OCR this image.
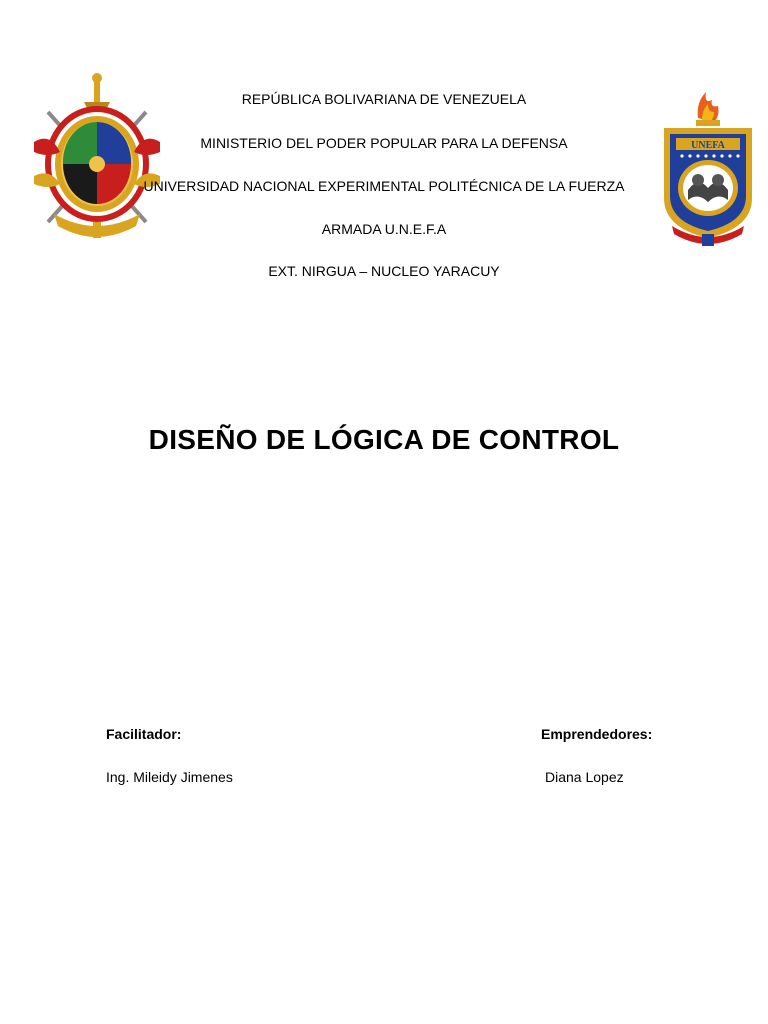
REPÚBLICA BOLIVARIANA DE VENEZUELA
MINISTERIO DEL PODER POPULAR PARA LA DEFENSA
UNIVERSIDAD NACIONAL EXPERIMENTAL POLITÉCNICA DE LA FUERZA
ARMADA U.N.E.F.A
EXT. NIRGUA – NUCLEO YARACUY
UNEFA
DISEÑO DE LÓGICA DE CONTROL
Facilitador:
Ing. Mileidy Jimenes
Emprendedores:
Diana Lopez
